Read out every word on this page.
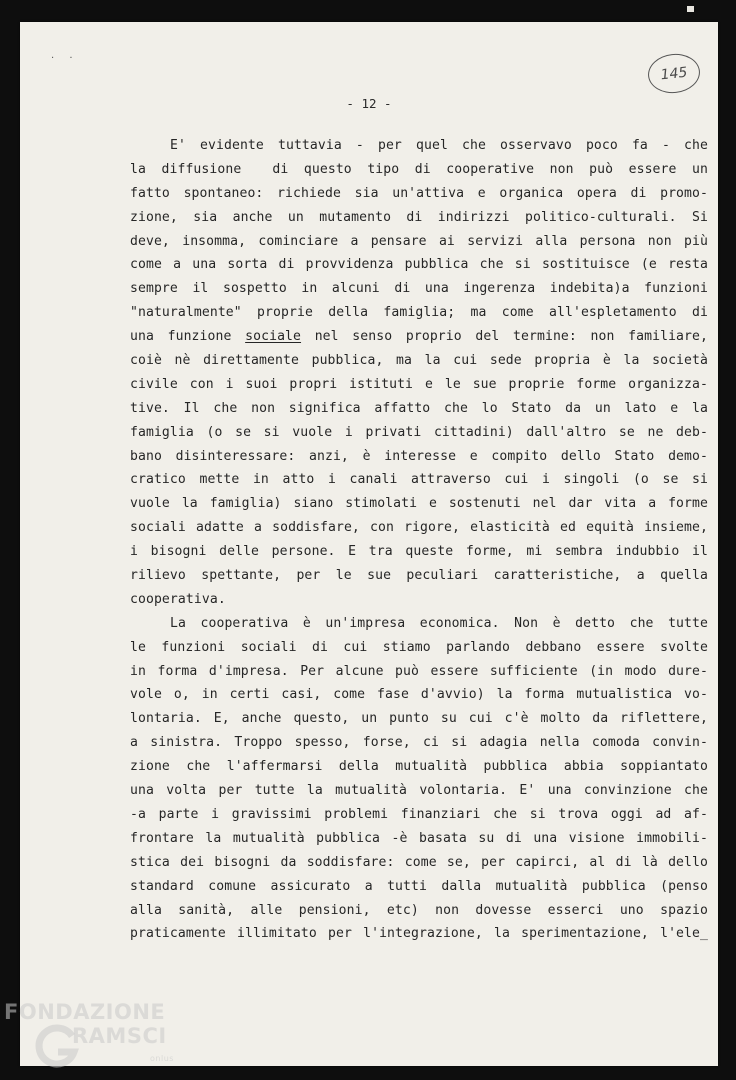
· ·
145
- 12 -
E' evidente tuttavia - per quel che osservavo poco fa - che
la diffusione  di questo tipo di cooperative non può essere un
fatto spontaneo: richiede sia un'attiva e organica opera di promo-
zione, sia anche un mutamento di indirizzi politico-culturali. Si
deve, insomma, cominciare a pensare ai servizi alla persona non più
come a una sorta di provvidenza pubblica che si sostituisce (e resta
sempre il sospetto in alcuni di una ingerenza indebita)a funzioni
"naturalmente" proprie della famiglia; ma come all'espletamento di
una funzione sociale nel senso proprio del termine: non familiare,
coiè nè direttamente pubblica, ma la cui sede propria è la società
civile con i suoi propri istituti e le sue proprie forme organizza-
tive. Il che non significa affatto che lo Stato da un lato e la
famiglia (o se si vuole i privati cittadini) dall'altro se ne deb-
bano disinteressare: anzi, è interesse e compito dello Stato demo-
cratico mette in atto i canali attraverso cui i singoli (o se si
vuole la famiglia) siano stimolati e sostenuti nel dar vita a forme
sociali adatte a soddisfare, con rigore, elasticità ed equità insieme,
i bisogni delle persone. E tra queste forme, mi sembra indubbio il
rilievo spettante, per le sue peculiari caratteristiche, a quella
cooperativa.
La cooperativa è un'impresa economica. Non è detto che tutte
le funzioni sociali di cui stiamo parlando debbano essere svolte
in forma d'impresa. Per alcune può essere sufficiente (in modo dure-
vole o, in certi casi, come fase d'avvio) la forma mutualistica vo-
lontaria. E, anche questo, un punto su cui c'è molto da riflettere,
a sinistra. Troppo spesso, forse, ci si adagia nella comoda convin-
zione che l'affermarsi della mutualità pubblica abbia soppiantato
una volta per tutte la mutualità volontaria. E' una convinzione che
-a parte i gravissimi problemi finanziari che si trova oggi ad af-
frontare la mutualità pubblica -è basata su di una visione immobili-
stica dei bisogni da soddisfare: come se, per capirci, al di là dello
standard comune assicurato a tutti dalla mutualità pubblica (penso
alla sanità, alle pensioni, etc) non dovesse esserci uno spazio
praticamente illimitato per l'integrazione, la sperimentazione, l'ele_
FONDAZIONE
RAMSCI
onlus
